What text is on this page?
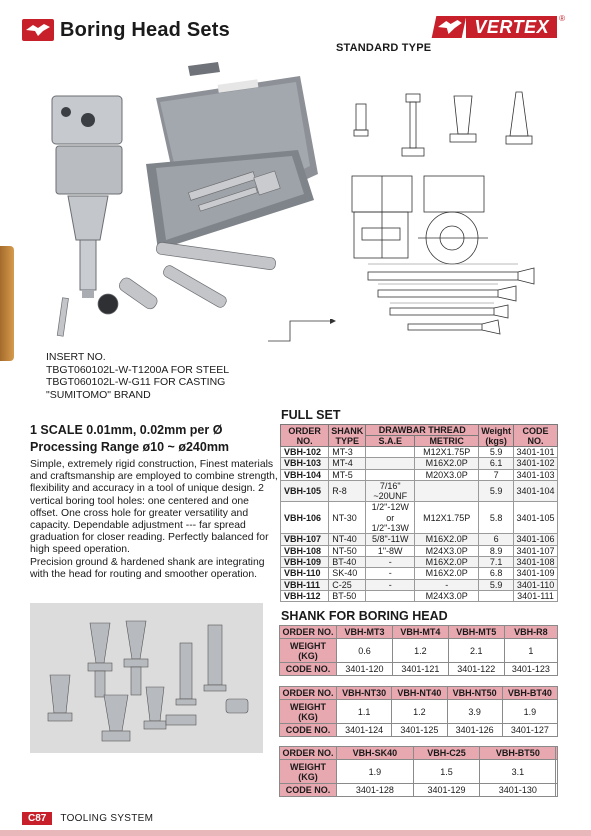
Boring Head Sets	VERTEX	®
STANDARD TYPE
INSERT NO.
TBGT060102L-W-T1200A FOR STEEL
TBGT060102L-W-G11 FOR CASTING
"SUMITOMO" BRAND
1 SCALE 0.01mm, 0.02mm per Ø
Processing Range ø10 ~ ø240mm

Simple, extremely rigid construction, Finest materials and craftsmanship are employed to combine strength, flexibility and accuracy in a tool of unique design. 2 vertical boring tool holes: one centered and one offset. One cross hole for greater versatility and capacity. Dependable adjustment --- far spread graduation for closer reading. Perfectly balanced for high speed operation.

Precision ground & hardened shank are integrating with the head for routing and smoother operation.

FULL SET
ORDER NO.	SHANK TYPE	DRAWBAR THREAD		Weight (kgs)	CODE NO.
		S.A.E	METRIC		
VBH-102	MT-3		M12X1.75P	5.9	3401-101
VBH-103	MT-4		M16X2.0P	6.1	3401-102
VBH-104	MT-5		M20X3.0P	7	3401-103
VBH-105	R-8	7/16" ~20UNF		5.9	3401-104
VBH-106	NT-30	1/2"-12W or 1/2"-13W	M12X1.75P	5.8	3401-105
VBH-107	NT-40	5/8"-11W	M16X2.0P	6	3401-106
VBH-108	NT-50	1"-8W	M24X3.0P	8.9	3401-107
VBH-109	BT-40	-	M16X2.0P	7.1	3401-108
VBH-110	SK-40	-	M16X2.0P	6.8	3401-109
VBH-111	C-25	-	-	5.9	3401-110
VBH-112	BT-50		M24X3.0P		3401-111
SHANK FOR BORING HEAD
ORDER NO.	VBH-MT3	VBH-MT4	VBH-MT5	VBH-R8
WEIGHT (KG)	0.6	1.2	2.1	1
CODE NO.	3401-120	3401-121	3401-122	3401-123
ORDER NO.	VBH-NT30	VBH-NT40	VBH-NT50	VBH-BT40
WEIGHT (KG)	1.1	1.2	3.9	1.9
CODE NO.	3401-124	3401-125	3401-126	3401-127
ORDER NO.	VBH-SK40	VBH-C25	VBH-BT50	
WEIGHT (KG)	1.9	1.5	3.1	
CODE NO.	3401-128	3401-129	3401-130	
C87	TOOLING SYSTEM
